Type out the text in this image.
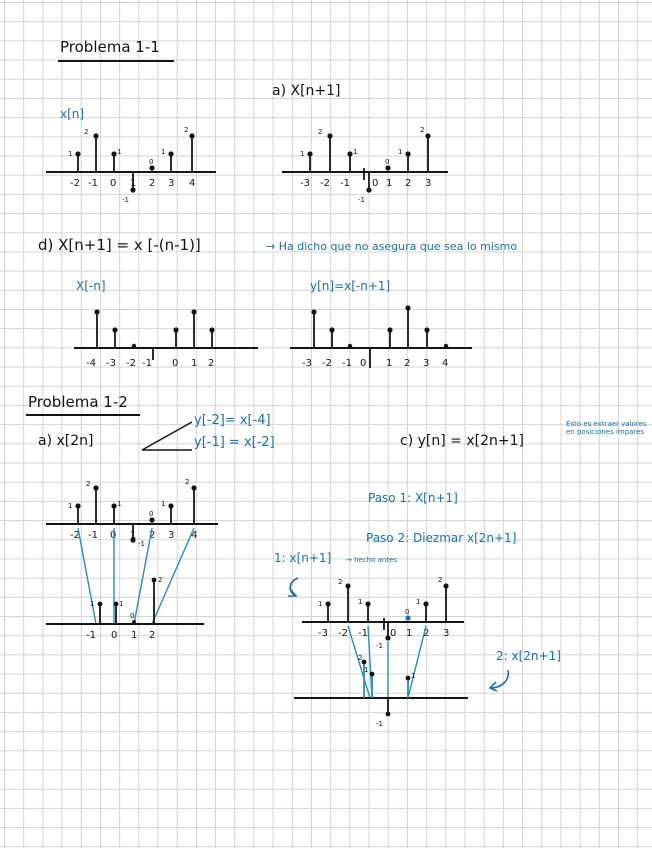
Problema 1-1
a) X[n+1]
x[n]
1
2
1
-1
0
1
2
-2 -1 0 1 2 3 4
1
2
1
-1
0
1
2
-3 -2 -1 0 1 2 3
d) X[n+1] = x [-(n-1)]	→ Ha dicho que no asegura que sea lo mismo
X[-n]	y[n]=x[-n+1]
-4 -3 -2 -1 0 1 2	-3 -2 -1 0 1 2 3 4
Problema 1-2
a) x[2n]
y[-2]= x[-4]
y[-1] = x[-2]	c) y[n] = x[2n+1]
Esto es extraer valores en posiciones impares
Paso 1: X[n+1]
Paso 2: Diezmar x[2n+1]
1: x[n+1] → hecho antes
2: x[2n+1]
1
2
1
-1
0
1
2
-2 -1 0 1 2 3 4
1	1
0
2
-1 0 1 2
1
2
1
-1
0
1
2
-3 -2 -1 0 1 2 3
2
1
-1
1
